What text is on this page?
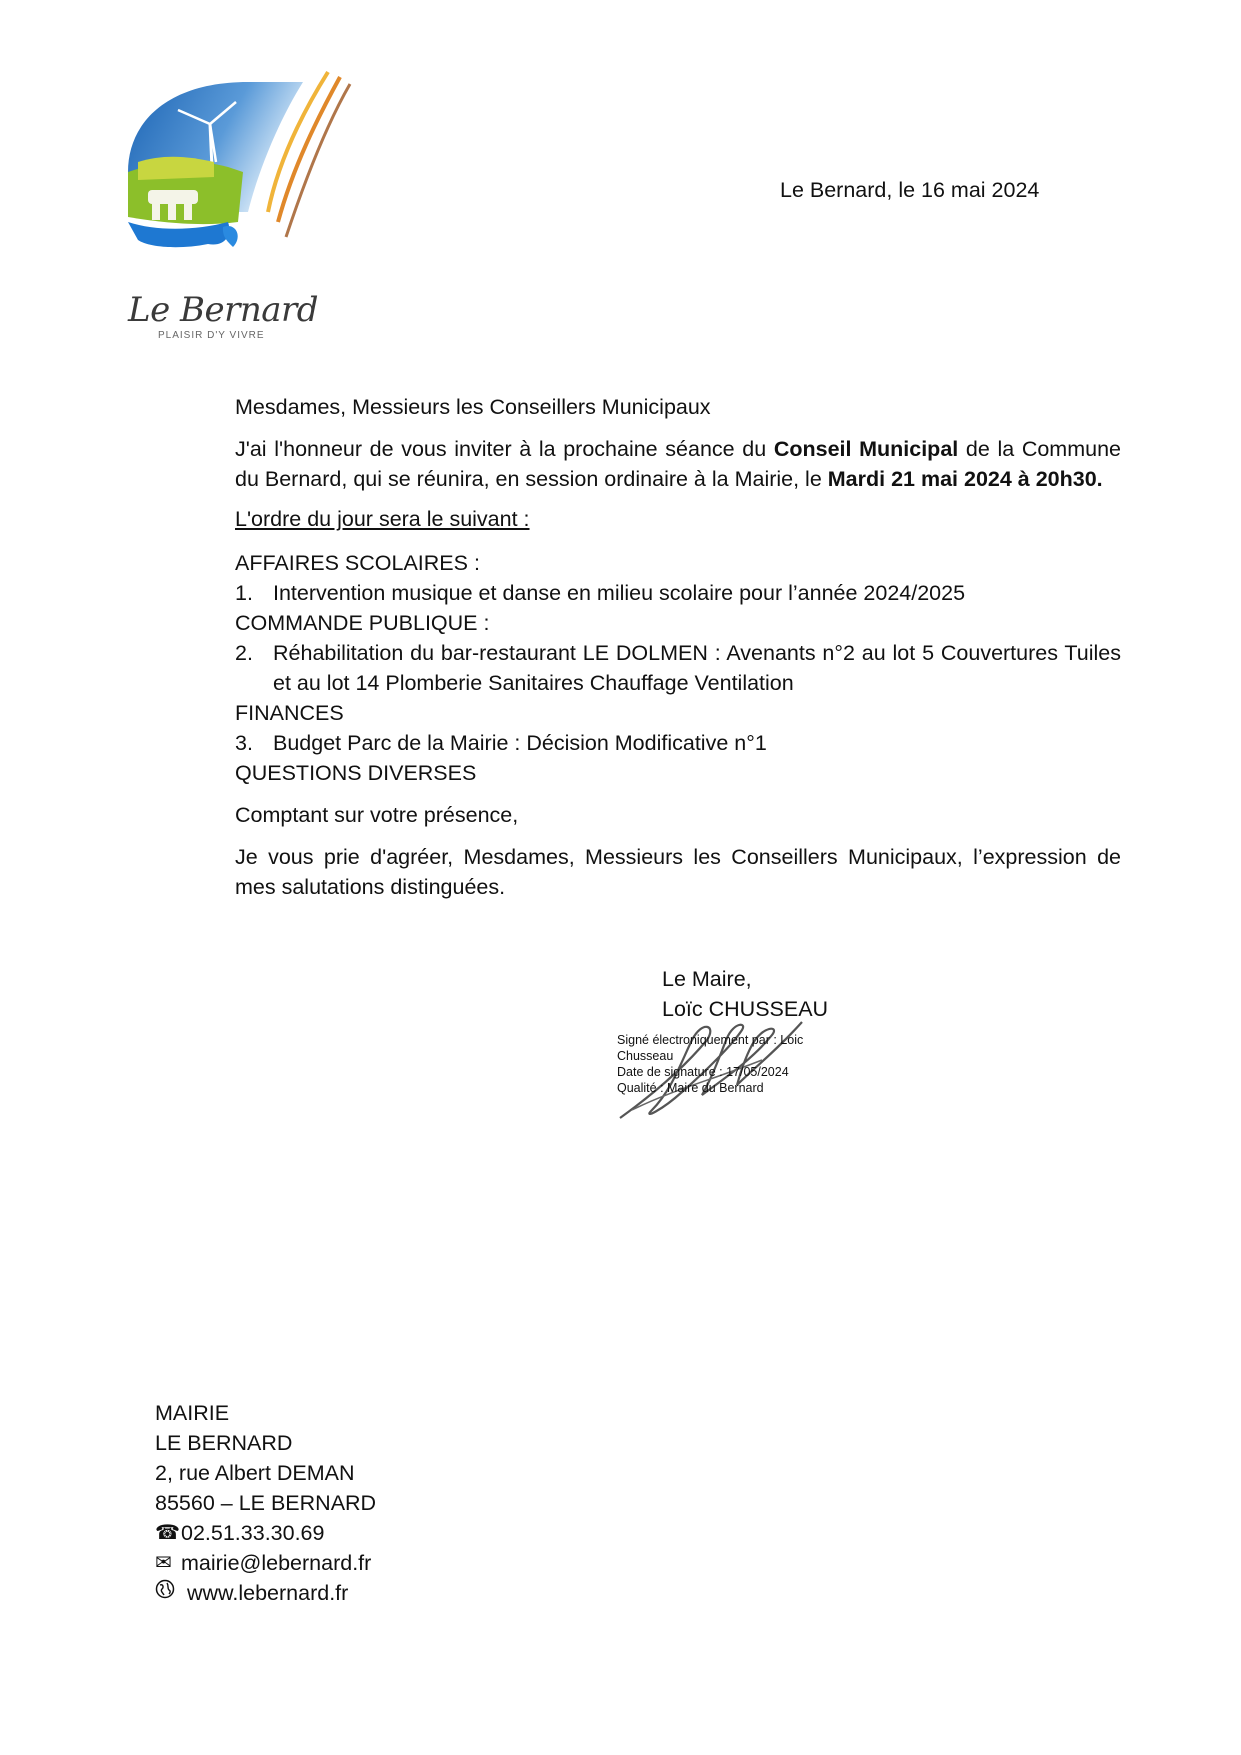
Le Bernard
PLAISIR D'Y VIVRE
Le Bernard, le 16 mai 2024

Mesdames, Messieurs les Conseillers Municipaux

J'ai l'honneur de vous inviter à la prochaine séance du Conseil Municipal de la Commune du Bernard, qui se réunira, en session ordinaire à la Mairie, le Mardi 21 mai 2024 à 20h30.

L'ordre du jour sera le suivant :

AFFAIRES SCOLAIRES :

1. Intervention musique et danse en milieu scolaire pour l’année 2024/2025

COMMANDE PUBLIQUE :

2. Réhabilitation du bar-restaurant LE DOLMEN : Avenants n°2 au lot 5 Couvertures Tuiles et au lot 14 Plomberie Sanitaires Chauffage Ventilation

FINANCES

3. Budget Parc de la Mairie : Décision Modificative n°1

QUESTIONS DIVERSES

Comptant sur votre présence,

Je vous prie d'agréer, Mesdames, Messieurs les Conseillers Municipaux, l’expression de mes salutations distinguées.

Le Maire,
Loïc CHUSSEAU
Signé électroniquement par : Loic
Chusseau
Date de signature : 17/05/2024
Qualité : Maire du Bernard
MAIRIE
LE BERNARD
2, rue Albert DEMAN
85560 – LE BERNARD
☎ 02.51.33.30.69
✉ mairie@lebernard.fr
www.lebernard.fr
